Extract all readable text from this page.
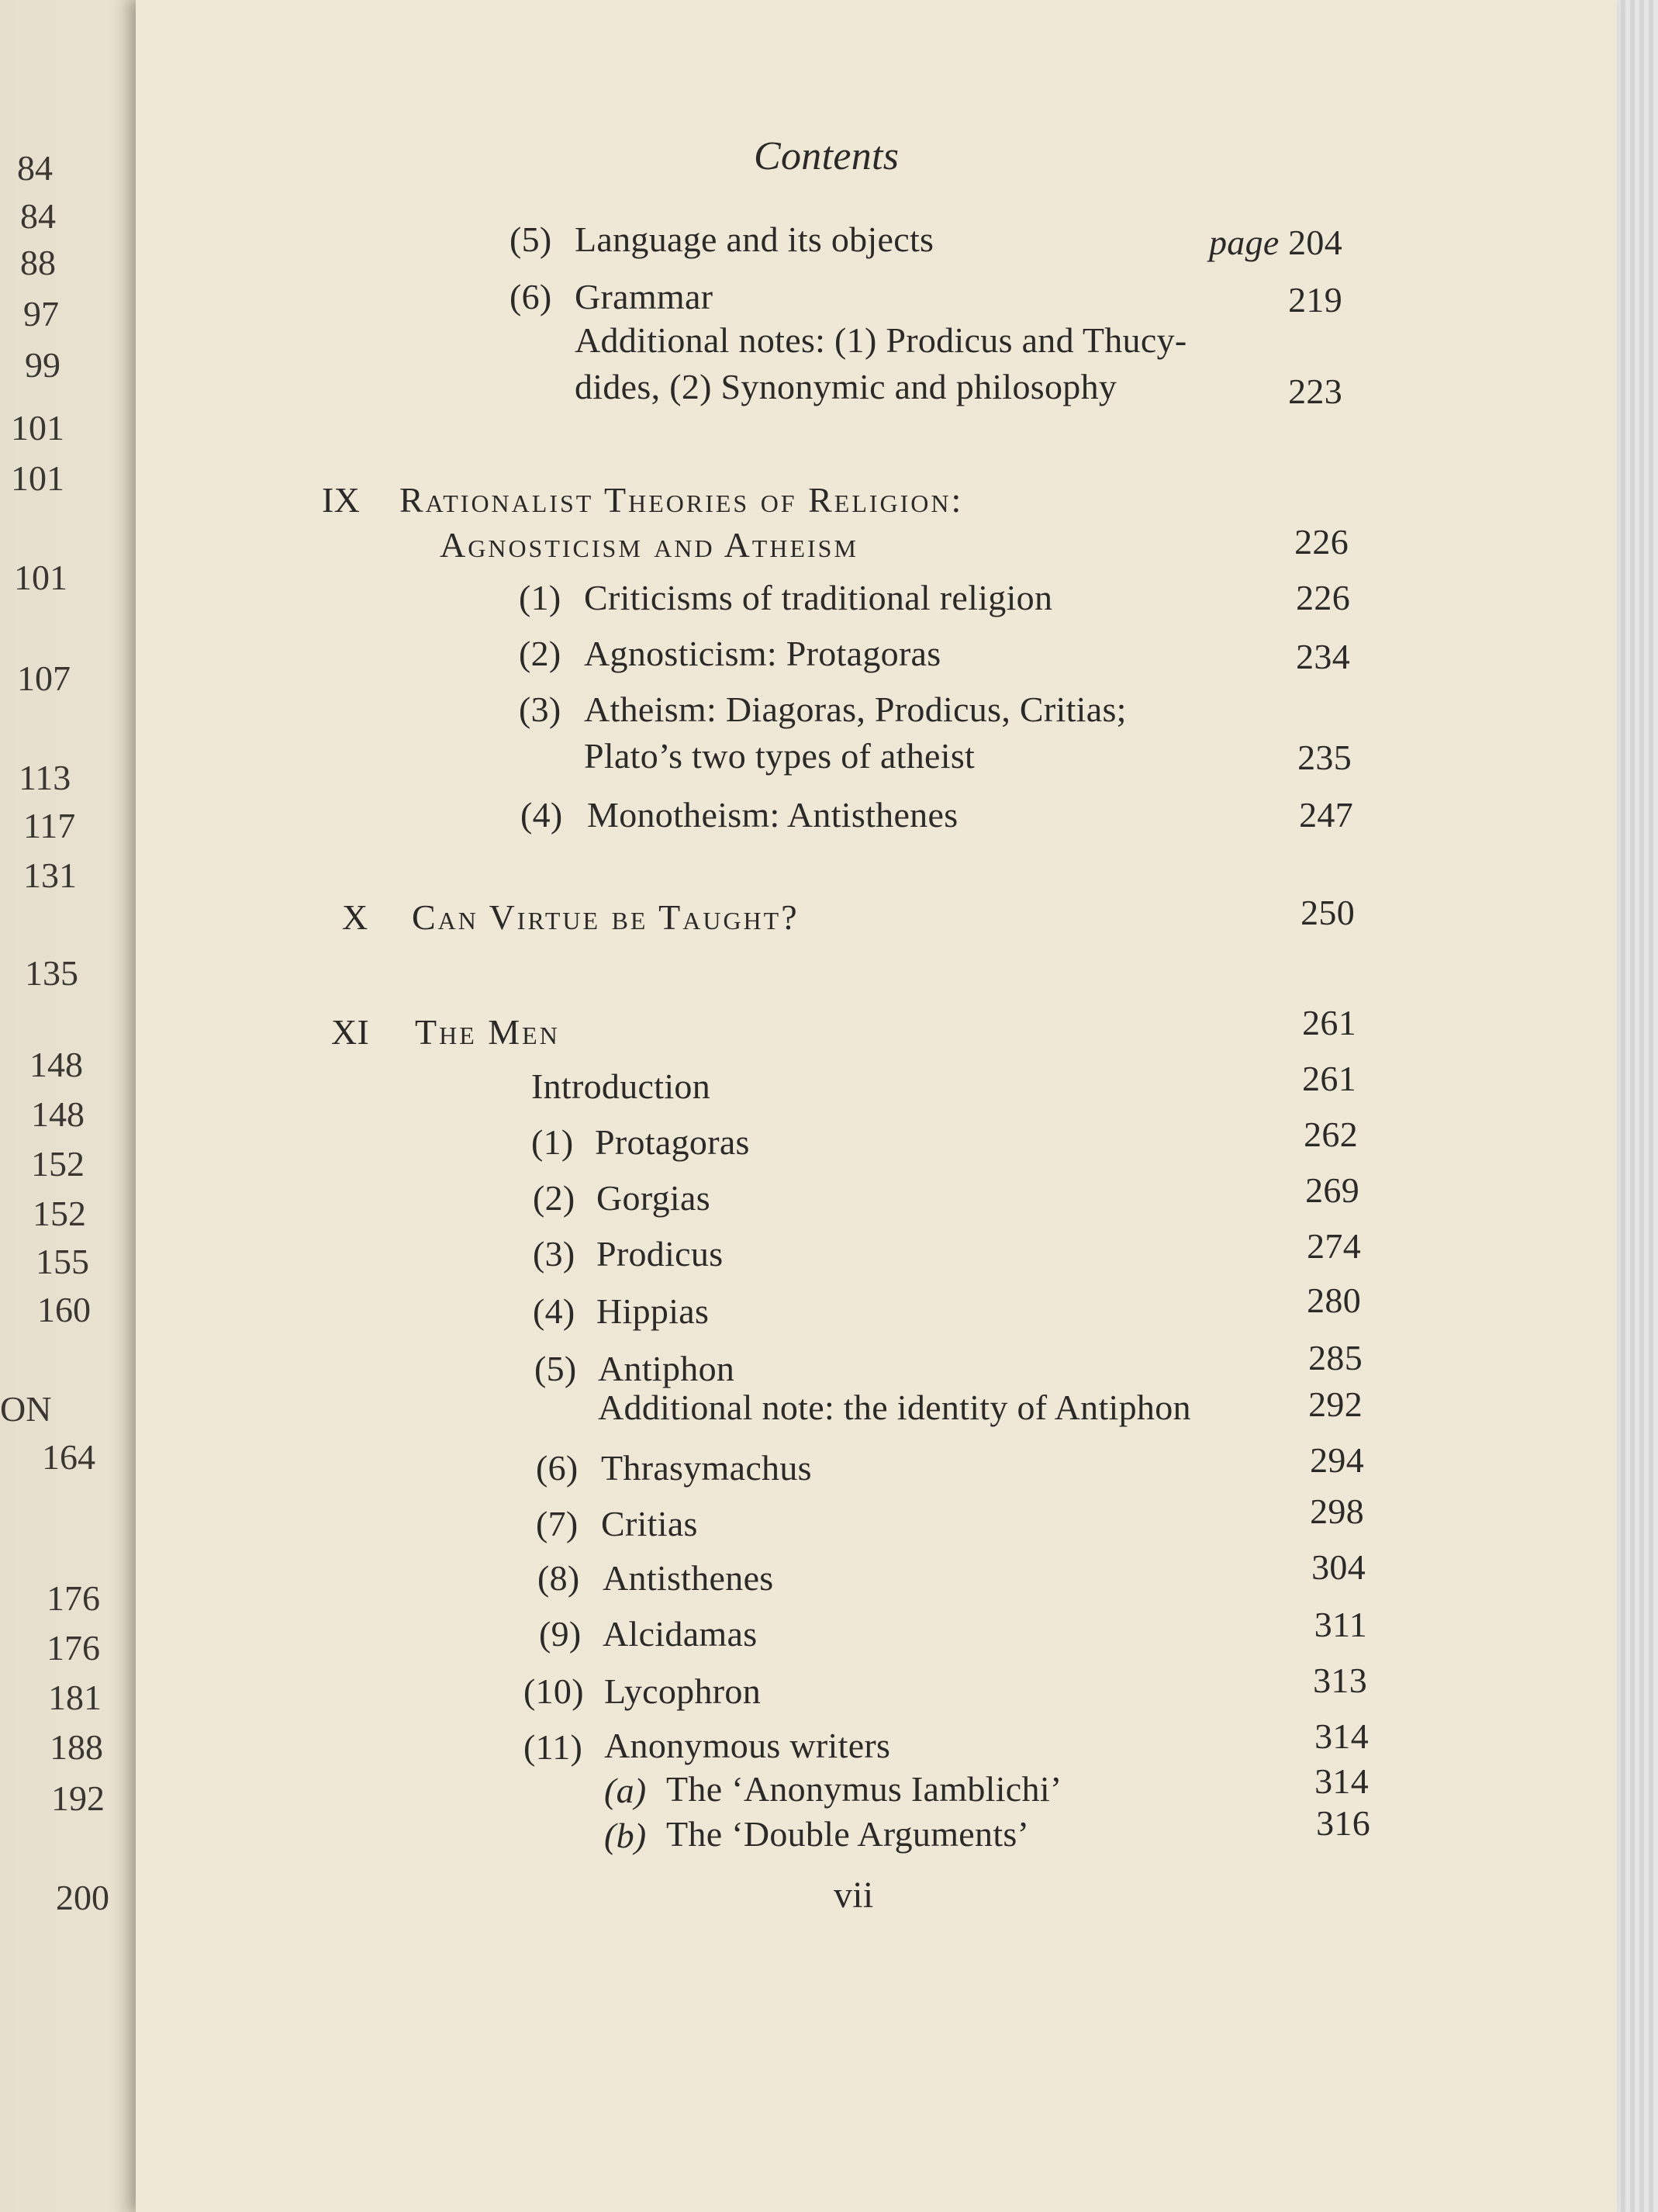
84
84
88
97
99
101
101
101
107
113
117
131
135
148
148
152
152
155
160
ON
164
176
176
181
188
192
200
Contents
(5) Language and its objects	page 204
(6) Grammar	219
Additional notes: (1) Prodicus and Thucy-
dides, (2) Synonymic and philosophy	223
IX Rationalist Theories of Religion:
Agnosticism and Atheism	226
(1) Criticisms of traditional religion	226
(2) Agnosticism: Protagoras	234
(3) Atheism: Diagoras, Prodicus, Critias;
Plato’s two types of atheist	235
(4) Monotheism: Antisthenes	247
X Can Virtue be Taught?	250
XI The Men	261
Introduction	261
(1) Protagoras	262
(2) Gorgias	269
(3) Prodicus	274
(4) Hippias	280
(5) Antiphon	285
Additional note: the identity of Antiphon	292
(6) Thrasymachus	294
(7) Critias	298
(8) Antisthenes	304
(9) Alcidamas	311
(10) Lycophron	313
(11) Anonymous writers	314
(a) The ‘Anonymus Iamblichi’	314
(b) The ‘Double Arguments’	316
vii
